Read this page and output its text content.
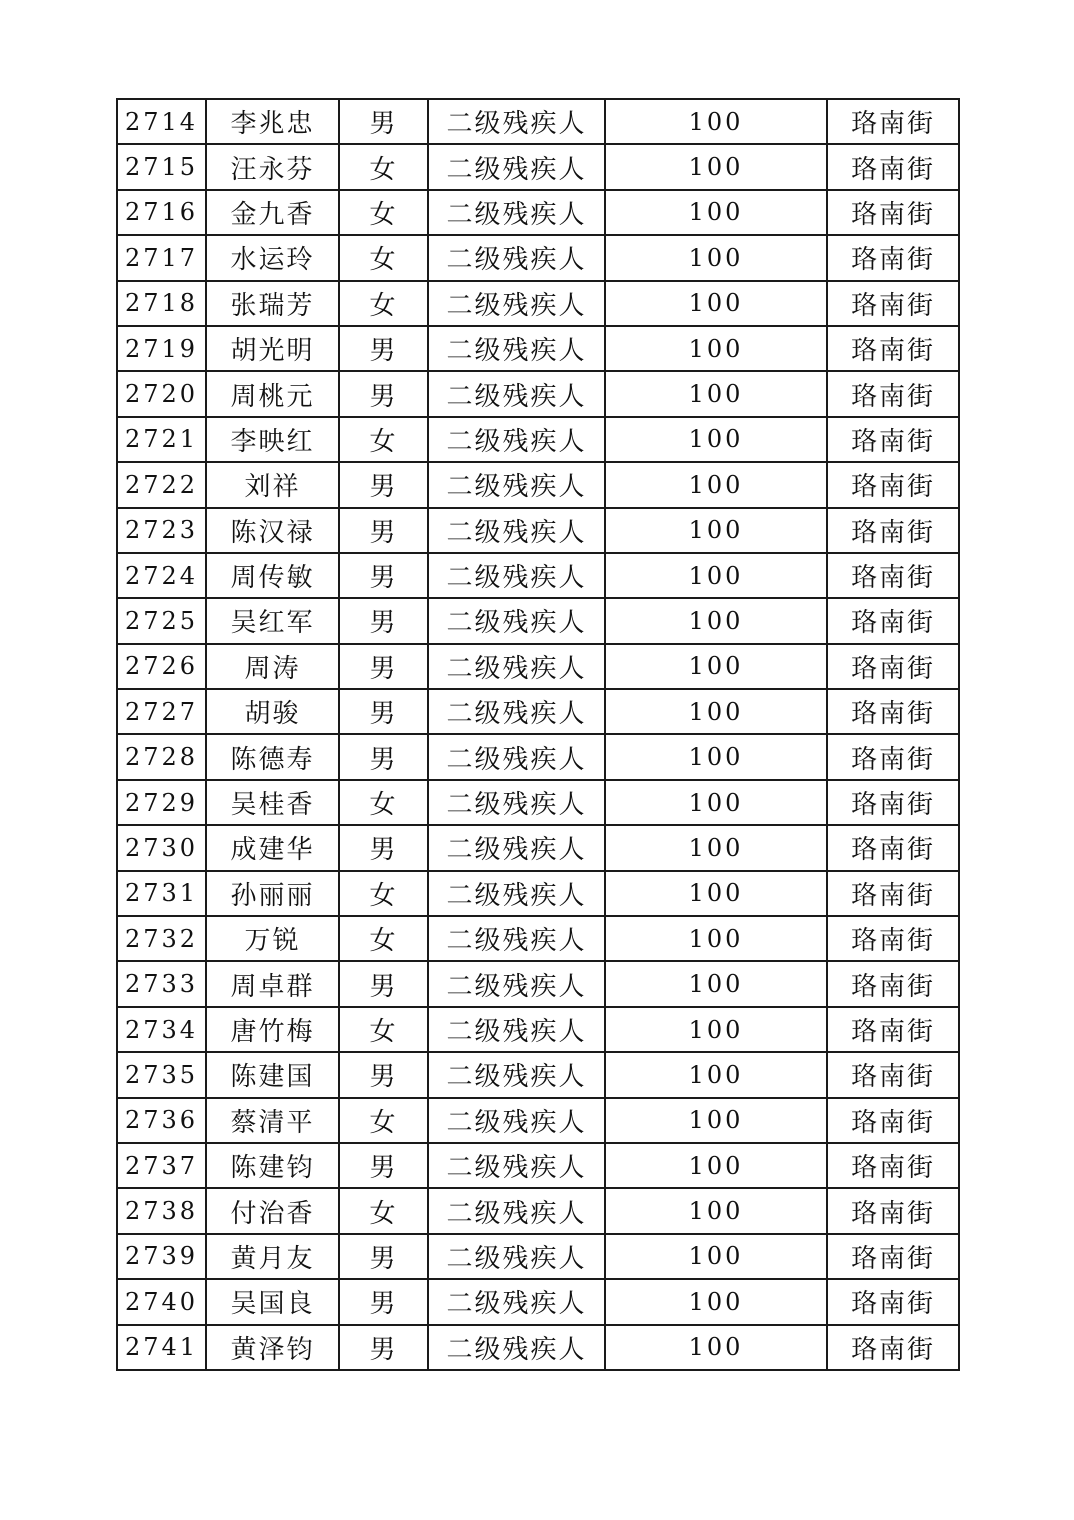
2714	李兆忠	男	二级残疾人	100	珞南街
2715	汪永芬	女	二级残疾人	100	珞南街
2716	金九香	女	二级残疾人	100	珞南街
2717	水运玲	女	二级残疾人	100	珞南街
2718	张瑞芳	女	二级残疾人	100	珞南街
2719	胡光明	男	二级残疾人	100	珞南街
2720	周桃元	男	二级残疾人	100	珞南街
2721	李映红	女	二级残疾人	100	珞南街
2722	刘祥	男	二级残疾人	100	珞南街
2723	陈汉禄	男	二级残疾人	100	珞南街
2724	周传敏	男	二级残疾人	100	珞南街
2725	吴红军	男	二级残疾人	100	珞南街
2726	周涛	男	二级残疾人	100	珞南街
2727	胡骏	男	二级残疾人	100	珞南街
2728	陈德寿	男	二级残疾人	100	珞南街
2729	吴桂香	女	二级残疾人	100	珞南街
2730	成建华	男	二级残疾人	100	珞南街
2731	孙丽丽	女	二级残疾人	100	珞南街
2732	万锐	女	二级残疾人	100	珞南街
2733	周卓群	男	二级残疾人	100	珞南街
2734	唐竹梅	女	二级残疾人	100	珞南街
2735	陈建国	男	二级残疾人	100	珞南街
2736	蔡清平	女	二级残疾人	100	珞南街
2737	陈建钧	男	二级残疾人	100	珞南街
2738	付治香	女	二级残疾人	100	珞南街
2739	黄月友	男	二级残疾人	100	珞南街
2740	吴国良	男	二级残疾人	100	珞南街
2741	黄泽钧	男	二级残疾人	100	珞南街
